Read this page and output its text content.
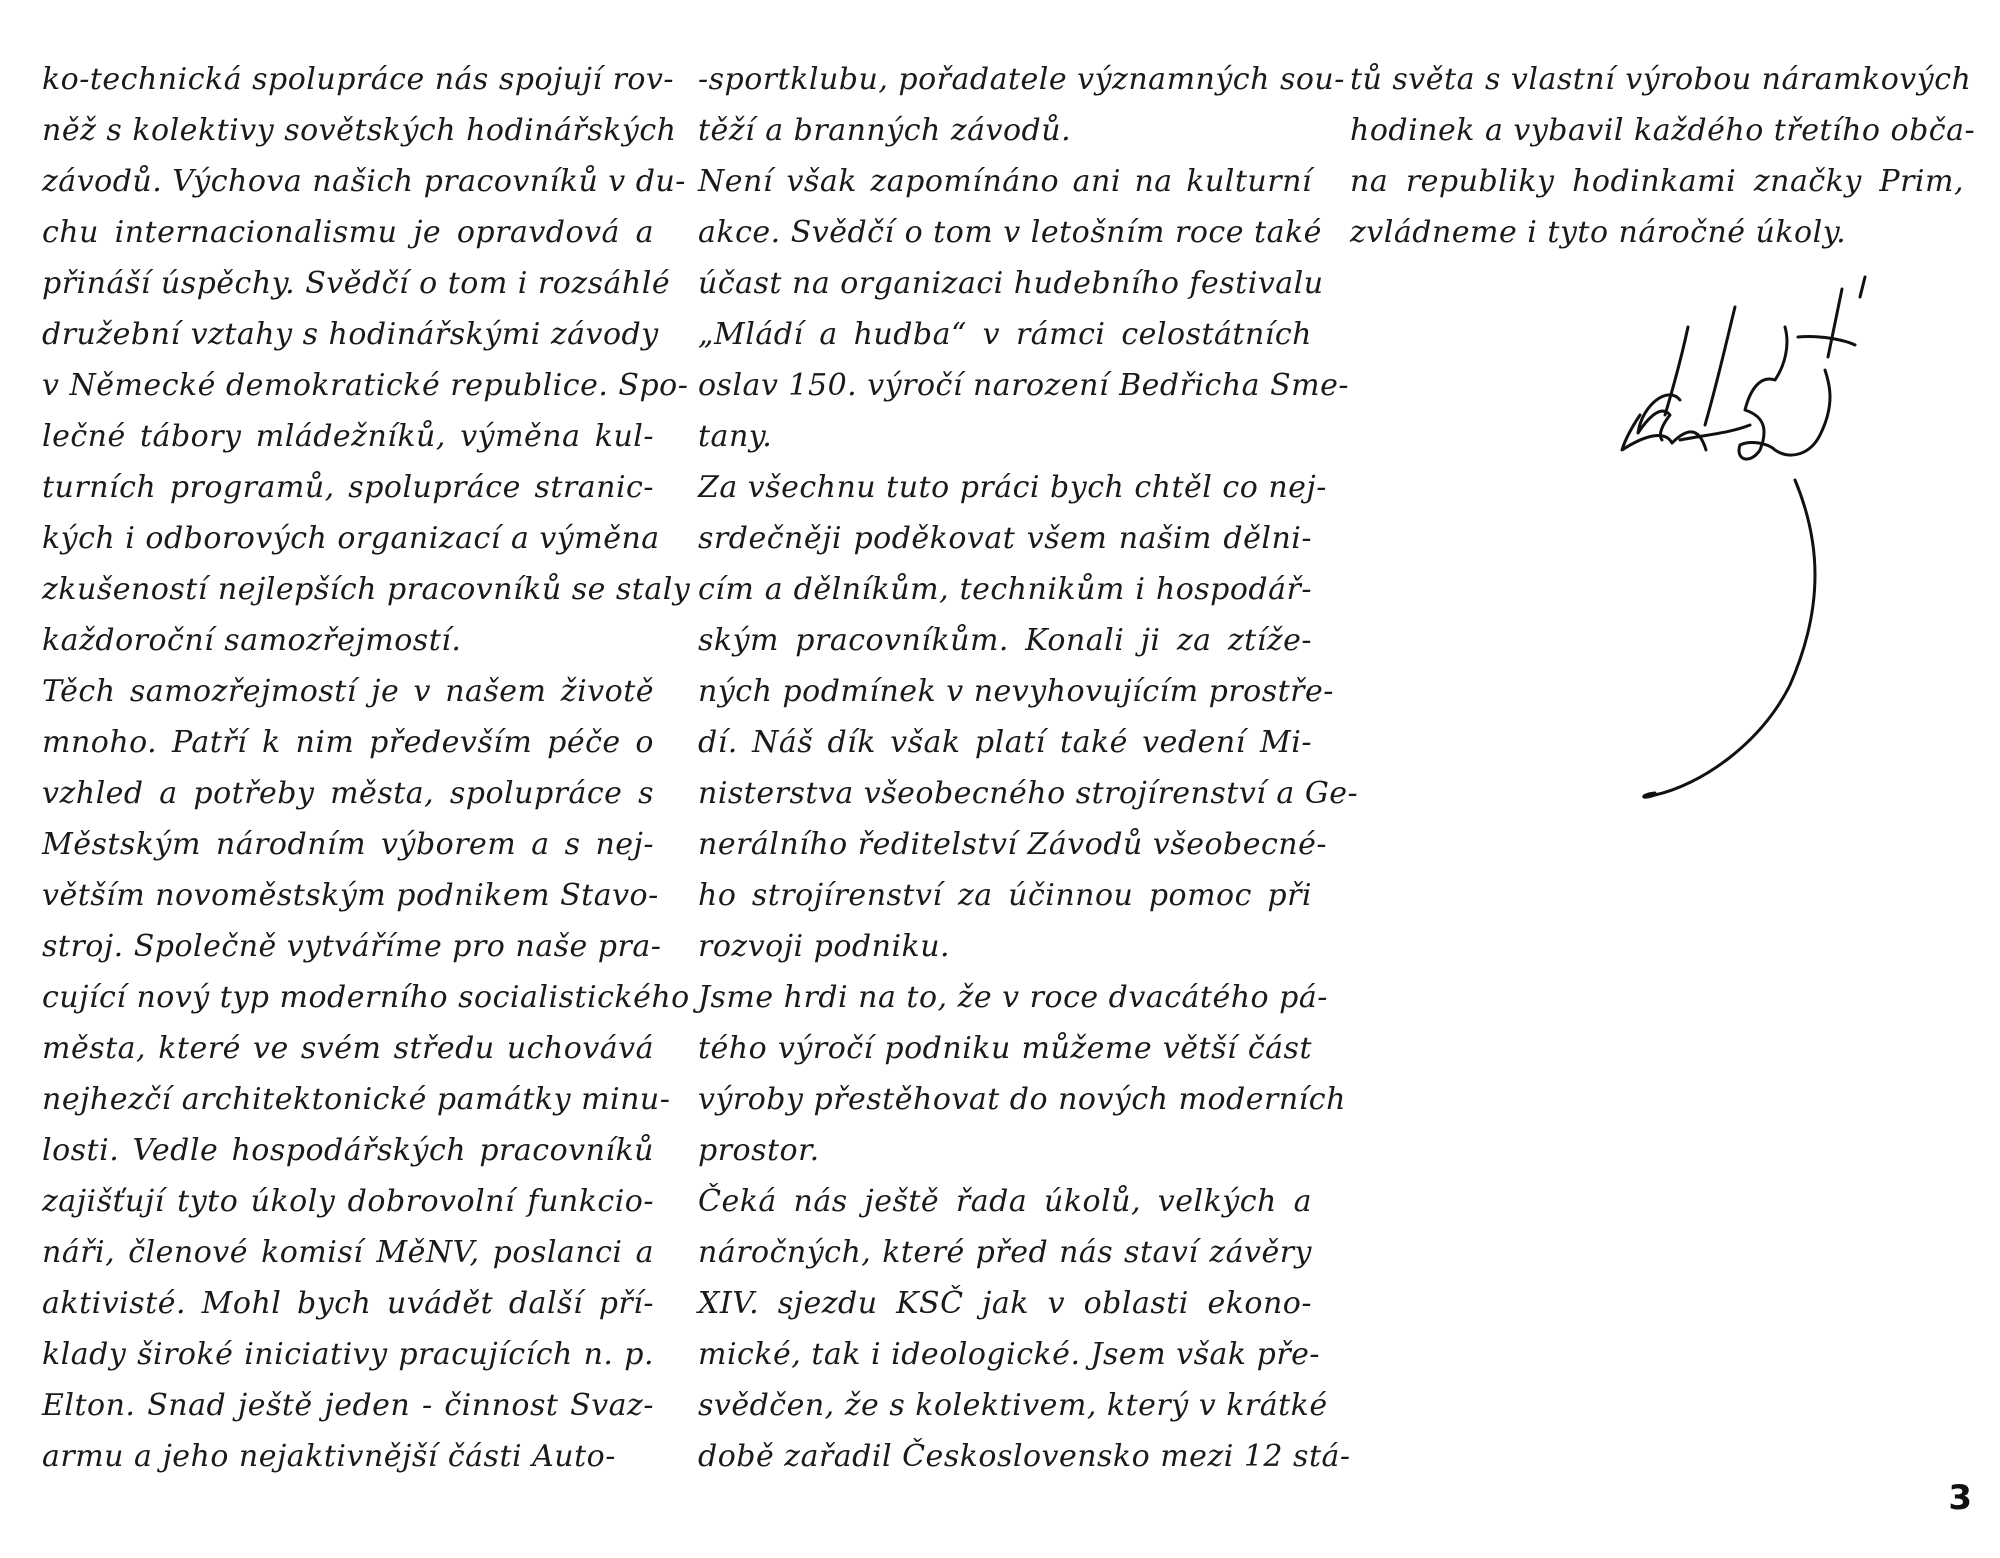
ko-technická spolupráce nás spojují rov-
něž s kolektivy sovětských hodinářských
závodů. Výchova našich pracovníků v du-
chu internacionalismu je opravdová a
přináší úspěchy. Svědčí o tom i rozsáhlé
družební vztahy s hodinářskými závody
v Německé demokratické republice. Spo-
lečné tábory mládežníků, výměna kul-
turních programů, spolupráce stranic-
kých i odborových organizací a výměna
zkušeností nejlepších pracovníků se staly
každoroční samozřejmostí.
Těch samozřejmostí je v našem životě
mnoho. Patří k nim především péče o
vzhled a potřeby města, spolupráce s
Městským národním výborem a s nej-
větším novoměstským podnikem Stavo-
stroj. Společně vytváříme pro naše pra-
cující nový typ moderního socialistického
města, které ve svém středu uchovává
nejhezčí architektonické památky minu-
losti. Vedle hospodářských pracovníků
zajišťují tyto úkoly dobrovolní funkcio-
náři, členové komisí MěNV, poslanci a
aktivisté. Mohl bych uvádět další pří-
klady široké iniciativy pracujících n. p.
Elton. Snad ještě jeden - činnost Svaz-
armu a jeho nejaktivnější části Auto-
-sportklubu, pořadatele významných sou-
těží a branných závodů.
Není však zapomínáno ani na kulturní
akce. Svědčí o tom v letošním roce také
účast na organizaci hudebního festivalu
„Mládí a hudba“ v rámci celostátních
oslav 150. výročí narození Bedřicha Sme-
tany.
Za všechnu tuto práci bych chtěl co nej-
srdečněji poděkovat všem našim dělni-
cím a dělníkům, technikům i hospodář-
ským pracovníkům. Konali ji za ztíže-
ných podmínek v nevyhovujícím prostře-
dí. Náš dík však platí také vedení Mi-
nisterstva všeobecného strojírenství a Ge-
nerálního ředitelství Závodů všeobecné-
ho strojírenství za účinnou pomoc při
rozvoji podniku.
Jsme hrdi na to, že v roce dvacátého pá-
tého výročí podniku můžeme větší část
výroby přestěhovat do nových moderních
prostor.
Čeká nás ještě řada úkolů, velkých a
náročných, které před nás staví závěry
XIV. sjezdu KSČ jak v oblasti ekono-
mické, tak i ideologické. Jsem však pře-
svědčen, že s kolektivem, který v krátké
době zařadil Československo mezi 12 stá-
tů světa s vlastní výrobou náramkových
hodinek a vybavil každého třetího obča-
na republiky hodinkami značky Prim,
zvládneme i tyto náročné úkoly.
3
